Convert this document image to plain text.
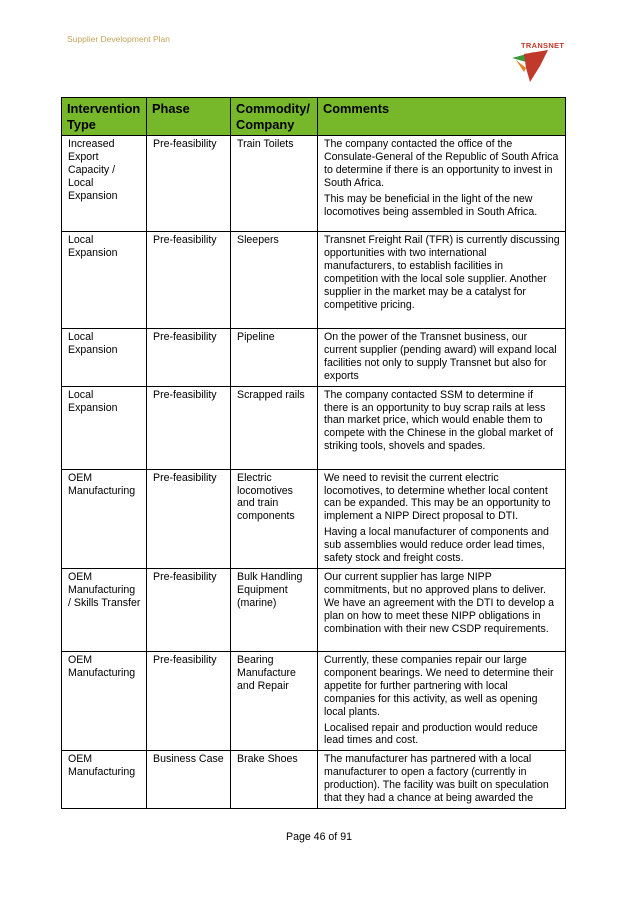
Supplier Development Plan
TRANSNET
Intervention Type	Phase	Commodity/ Company	Comments
Increased Export Capacity / Local Expansion	Pre-feasibility	Train Toilets	The company contacted the office of the Consulate-General of the Republic of South Africa to determine if there is an opportunity to invest in South Africa.
This may be beneficial in the light of the new locomotives being assembled in South Africa.

Local Expansion	Pre-feasibility	Sleepers	Transnet Freight Rail (TFR) is currently discussing opportunities with two international manufacturers, to establish facilities in competition with the local sole supplier. Another supplier in the market may be a catalyst for competitive pricing.

Local Expansion	Pre-feasibility	Pipeline	On the power of the Transnet business, our current supplier (pending award) will expand local facilities not only to supply Transnet but also for exports

Local Expansion	Pre-feasibility	Scrapped rails	The company contacted SSM to determine if there is an opportunity to buy scrap rails at less than market price, which would enable them to compete with the Chinese in the global market of striking tools, shovels and spades.

OEM Manufacturing	Pre-feasibility	Electric locomotives and train components	We need to revisit the current electric locomotives, to determine whether local content can be expanded. This may be an opportunity to implement a NIPP Direct proposal to DTI.
Having a local manufacturer of components and sub assemblies would reduce order lead times, safety stock and freight costs.

OEM Manufacturing / Skills Transfer	Pre-feasibility	Bulk Handling Equipment (marine)	Our current supplier has large NIPP commitments, but no approved plans to deliver. We have an agreement with the DTI to develop a plan on how to meet these NIPP obligations in combination with their new CSDP requirements.

OEM Manufacturing	Pre-feasibility	Bearing Manufacture and Repair	Currently, these companies repair our large component bearings. We need to determine their appetite for further partnering with local companies for this activity, as well as opening local plants.
Localised repair and production would reduce lead times and cost.

OEM Manufacturing	Business Case	Brake Shoes	The manufacturer has partnered with a local manufacturer to open a factory (currently in production). The facility was built on speculation that they had a chance at being awarded the
Page 46 of 91
